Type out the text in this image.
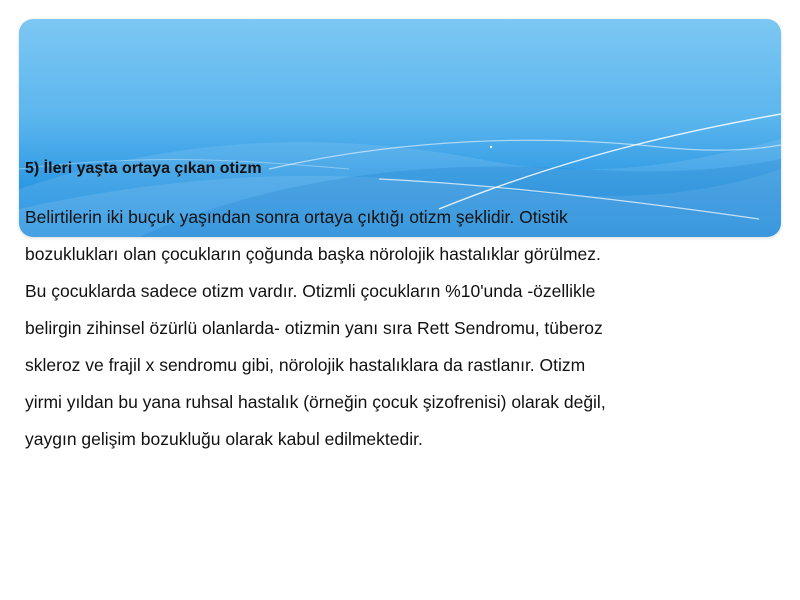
5) İleri yaşta ortaya çıkan otizm

Belirtilerin iki buçuk yaşından sonra ortaya çıktığı otizm şeklidir. Otistik
bozuklukları olan çocukların çoğunda başka nörolojik hastalıklar görülmez.
Bu çocuklarda sadece otizm vardır. Otizmli çocukların %10'unda -özellikle
belirgin zihinsel özürlü olanlarda- otizmin yanı sıra Rett Sendromu, tüberoz
skleroz ve frajil x sendromu gibi, nörolojik hastalıklara da rastlanır. Otizm
yirmi yıldan bu yana ruhsal hastalık (örneğin çocuk şizofrenisi) olarak değil,
yaygın gelişim bozukluğu olarak kabul edilmektedir.
